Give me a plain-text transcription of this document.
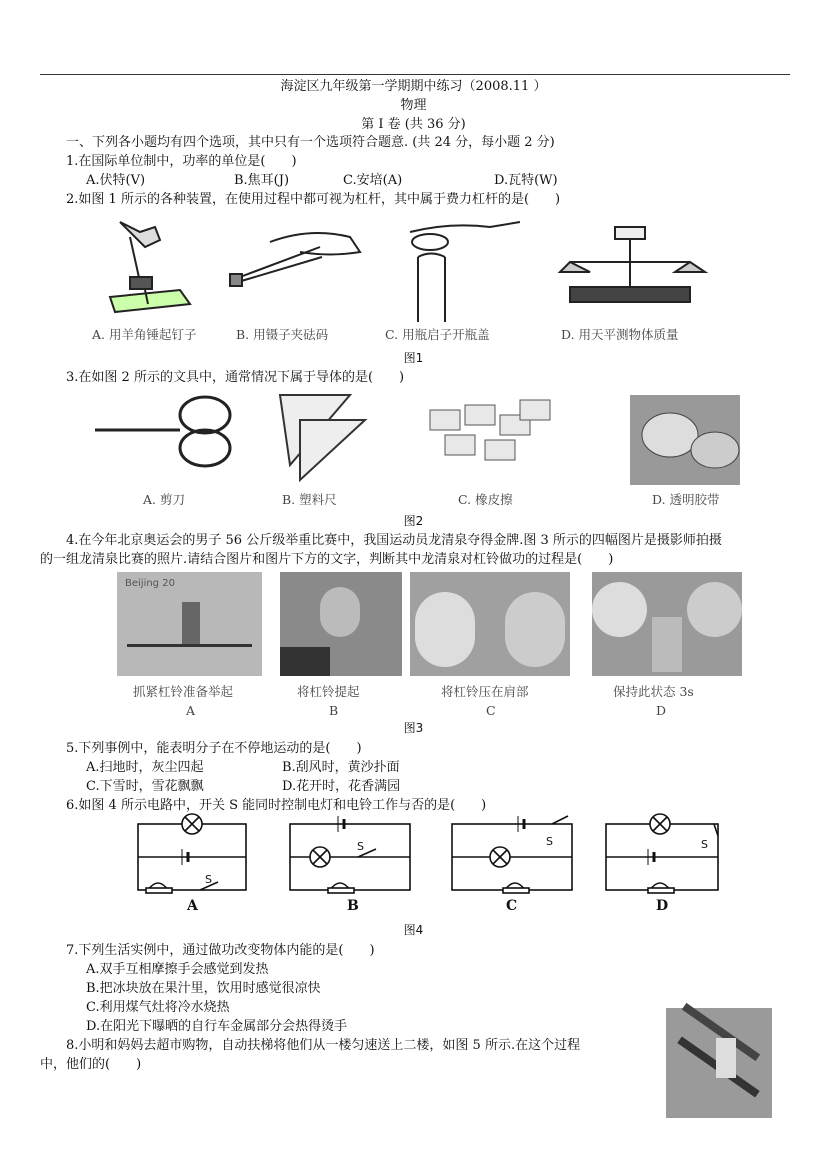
海淀区九年级第一学期期中练习（2008.11 ）
物理
第 I 卷 (共 36 分)
一、下列各小题均有四个选项，其中只有一个选项符合题意. (共 24 分，每小题 2 分)
1.在国际单位制中，功率的单位是(　　)
A.伏特(V)	B.焦耳(J)	C.安培(A)	D.瓦特(W)
2.如图 1 所示的各种装置，在使用过程中都可视为杠杆，其中属于费力杠杆的是(　　)
A. 用羊角锤起钉子	B. 用镊子夹砝码	C. 用瓶启子开瓶盖	D. 用天平测物体质量
图1
3.在如图 2 所示的文具中，通常情况下属于导体的是(　　)
A. 剪刀	B. 塑料尺	C. 橡皮擦	D. 透明胶带
图2
4.在今年北京奥运会的男子 56 公斤级举重比赛中，我国运动员龙清泉夺得金牌.图 3 所示的四幅图片是摄影师拍摄
的一组龙清泉比赛的照片.请结合图片和图片下方的文字，判断其中龙清泉对杠铃做功的过程是(　　)
Beijing 20
抓紧杠铃准备举起	将杠铃提起	将杠铃压在肩部	保持此状态 3s
A	B	C	D
图3
5.下列事例中，能表明分子在不停地运动的是(　　)
A.扫地时，灰尘四起	B.刮风时，黄沙扑面
C.下雪时，雪花飘飘	D.花开时，花香满园
6.如图 4 所示电路中，开关 S 能同时控制电灯和电铃工作与否的是(　　)
S
S	S	S
A	B	C	D
图4
7.下列生活实例中，通过做功改变物体内能的是(　　)
A.双手互相摩擦手会感觉到发热
B.把冰块放在果汁里，饮用时感觉很凉快
C.利用煤气灶将冷水烧热
D.在阳光下曝晒的自行车金属部分会热得烫手
8.小明和妈妈去超市购物，自动扶梯将他们从一楼匀速送上二楼，如图 5 所示.在这个过程
中，他们的(　　)
